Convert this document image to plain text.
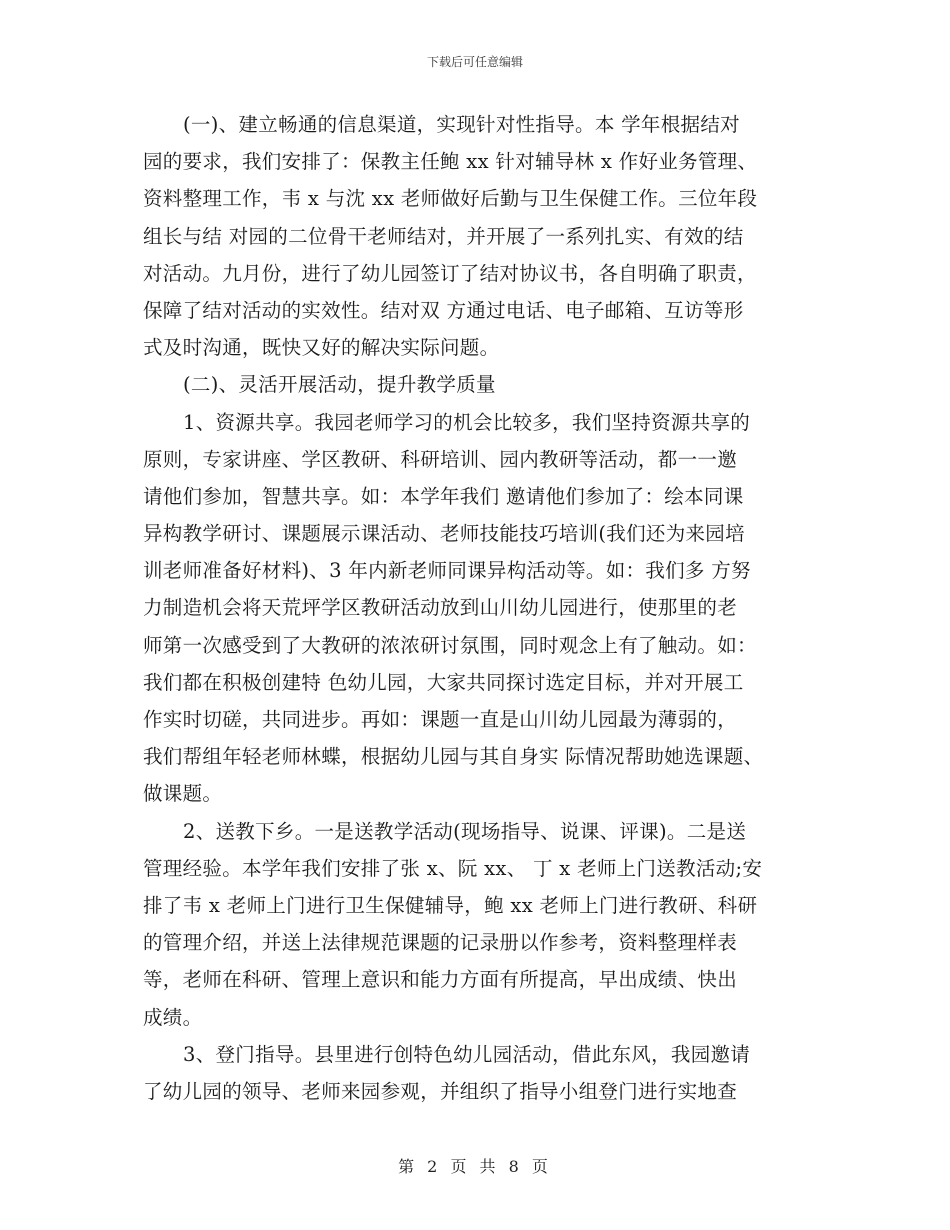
下载后可任意编辑
(一)、建立畅通的信息渠道，实现针对性指导。本 学年根据结对
园的要求，我们安排了：保教主任鲍 xx 针对辅导林 x 作好业务管理、
资料整理工作，韦 x 与沈 xx 老师做好后勤与卫生保健工作。三位年段
组长与结 对园的二位骨干老师结对，并开展了一系列扎实、有效的结
对活动。九月份，进行了幼儿园签订了结对协议书，各自明确了职责，
保障了结对活动的实效性。结对双 方通过电话、电子邮箱、互访等形
式及时沟通，既快又好的解决实际问题。
(二)、灵活开展活动，提升教学质量
1、资源共享。我园老师学习的机会比较多，我们坚持资源共享的
原则，专家讲座、学区教研、科研培训、园内教研等活动，都一一邀
请他们参加，智慧共享。如：本学年我们 邀请他们参加了：绘本同课
异构教学研讨、课题展示课活动、老师技能技巧培训(我们还为来园培
训老师准备好材料)、3 年内新老师同课异构活动等。如：我们多 方努
力制造机会将天荒坪学区教研活动放到山川幼儿园进行，使那里的老
师第一次感受到了大教研的浓浓研讨氛围，同时观念上有了触动。如：
我们都在积极创建特 色幼儿园，大家共同探讨选定目标，并对开展工
作实时切磋，共同进步。再如：课题一直是山川幼儿园最为薄弱的，
我们帮组年轻老师林蝶，根据幼儿园与其自身实 际情况帮助她选课题、
做课题。
2、送教下乡。一是送教学活动(现场指导、说课、评课)。二是送
管理经验。本学年我们安排了张 x、阮 xx、 丁 x 老师上门送教活动;安
排了韦 x 老师上门进行卫生保健辅导，鲍 xx 老师上门进行教研、科研
的管理介绍，并送上法律规范课题的记录册以作参考，资料整理样表
等，老师在科研、管理上意识和能力方面有所提高，早出成绩、快出
成绩。
3、登门指导。县里进行创特色幼儿园活动，借此东风，我园邀请
了幼儿园的领导、老师来园参观，并组织了指导小组登门进行实地查
第 2 页 共 8 页
